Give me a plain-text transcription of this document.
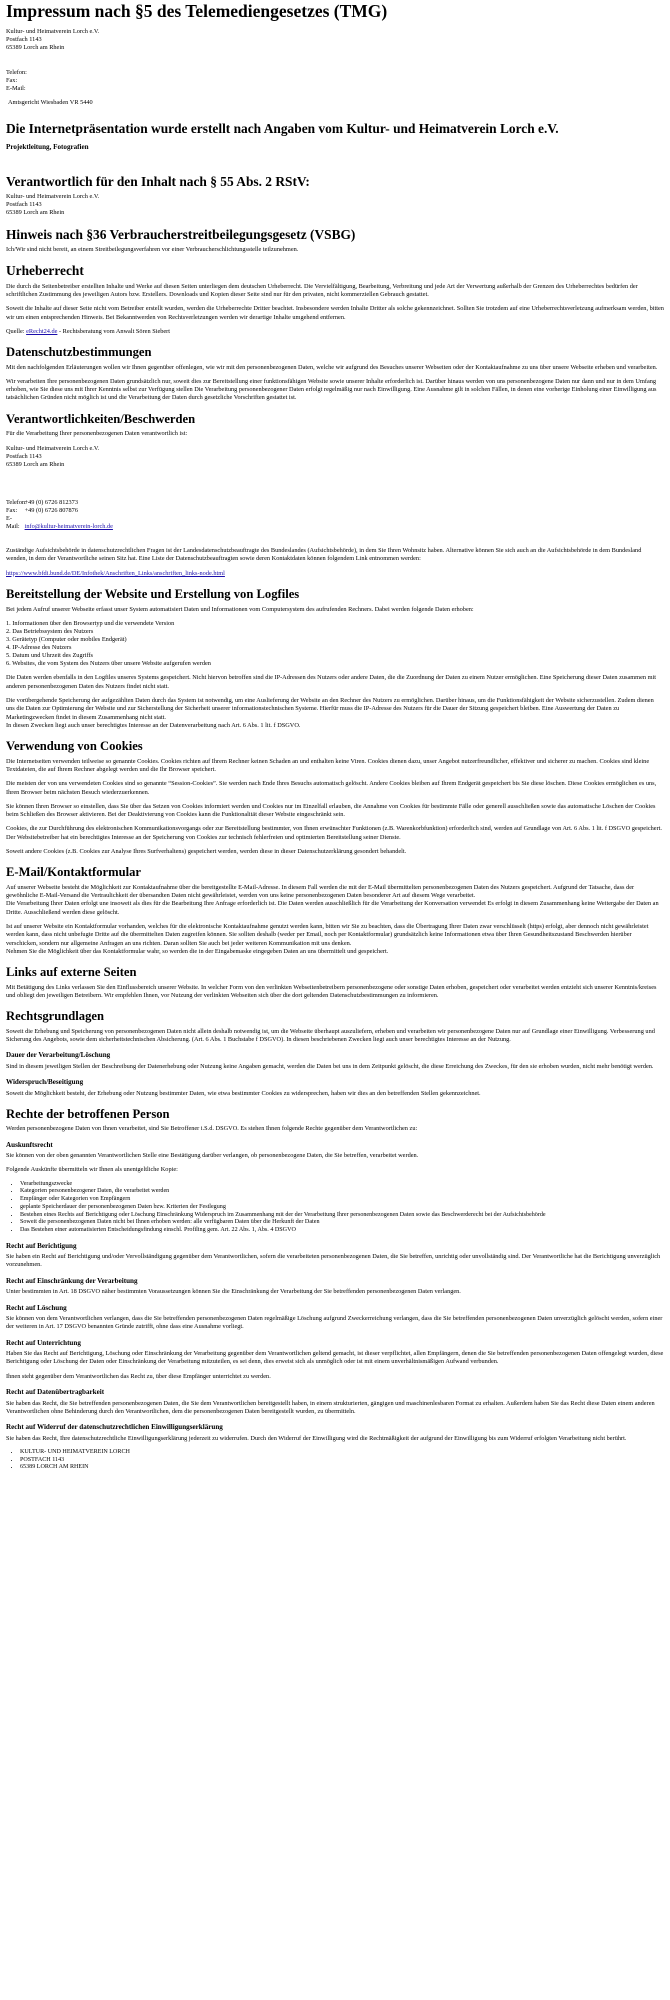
Impressum nach §5 des Telemediengesetzes (TMG)
Kultur- und Heimatverein Lorch e.V.
Postfach 1143
65389 Lorch am Rhein
Telefon:
Fax:
E-Mail:
Amtsgericht Wiesbaden VR 5440
Die Internetpräsentation wurde erstellt nach Angaben vom Kultur- und Heimatverein Lorch e.V.
Projektleitung, Fotografien
Verantwortlich für den Inhalt nach § 55 Abs. 2 RStV:
Kultur- und Heimatverein Lorch e.V.
Postfach 1143
65389 Lorch am Rhein
Hinweis nach §36 Verbraucherstreitbeilegungsgesetz (VSBG)

Ich/Wir sind nicht bereit, an einem Streitbeilegungsverfahren vor einer Verbraucherschlichtungsstelle teilzunehmen.

Urheberrecht

Die durch die Seitenbetreiber erstellten Inhalte und Werke auf diesen Seiten unterliegen dem deutschen Urheberrecht. Die Vervielfältigung, Bearbeitung, Verbreitung und jede Art der Verwertung außerhalb der Grenzen des Urheberrechtes bedürfen der schriftlichen Zustimmung des jeweiligen Autors bzw. Erstellers. Downloads und Kopien dieser Seite sind nur für den privaten, nicht kommerziellen Gebrauch gestattet.

Soweit die Inhalte auf dieser Seite nicht vom Betreiber erstellt wurden, werden die Urheberrechte Dritter beachtet. Insbesondere werden Inhalte Dritter als solche gekennzeichnet. Sollten Sie trotzdem auf eine Urheberrechtsverletzung aufmerksam werden, bitten wir um einen entsprechenden Hinweis. Bei Bekanntwerden von Rechtsverletzungen werden wir derartige Inhalte umgehend entfernen.

Quelle: eRecht24.de - Rechtsberatung vom Anwalt Sören Siebert

Datenschutzbestimmungen

Mit den nachfolgenden Erläuterungen wollen wir Ihnen gegenüber offenlegen, wie wir mit den personenbezogenen Daten, welche wir aufgrund des Besuches unserer Webseiten oder der Kontaktaufnahme zu uns über unsere Webseite erheben und verarbeiten.

Wir verarbeiten Ihre personenbezogenen Daten grundsätzlich nur, soweit dies zur Bereitstellung einer funktionsfähigen Website sowie unserer Inhalte erforderlich ist. Darüber hinaus werden von uns personenbezogene Daten nur dann und nur in dem Umfang erhoben, wie Sie diese uns mit Ihrer Kenntnis selbst zur Verfügung stellen Die Verarbeitung personenbezogener Daten erfolgt regelmäßig nur nach Einwilligung. Eine Ausnahme gilt in solchen Fällen, in denen eine vorherige Einholung einer Einwilligung aus tatsächlichen Gründen nicht möglich ist und die Verarbeitung der Daten durch gesetzliche Vorschriften gestattet ist.

Verantwortlichkeiten/Beschwerden

Für die Verarbeitung Ihrer personenbezogenen Daten verantwortlich ist:

Kultur- und Heimatverein Lorch e.V.
Postfach 1143
65389 Lorch am Rhein
Telefon: +49 (0) 6726 812373
Fax: +49 (0) 6726 807876
E-Mail: info@kultur-heimatverein-lorch.de

Zuständige Aufsichtsbehörde in datenschutzrechtlichen Fragen ist der Landesdatenschutzbeauftragte des Bundeslandes (Aufsichtsbehörde), in dem Sie Ihren Wohnsitz haben. Alternative können Sie sich auch an die Aufsichtsbehörde in dem Bundesland wenden, in dem der Verantwortliche seinen Sitz hat. Eine Liste der Datenschutzbeauftragten sowie deren Kontaktdaten können folgendem Link entnommen werden:

https://www.bfdi.bund.de/DE/Infothek/Anschriften_Links/anschriften_links-node.html

Bereitstellung der Website und Erstellung von Logfiles

Bei jedem Aufruf unserer Webseite erfasst unser System automatisiert Daten und Informationen vom Computersystem des aufrufenden Rechners. Dabei werden folgende Daten erhoben:

1. Informationen über den Browsertyp und die verwendete Version
2. Das Betriebssystem des Nutzers
3. Gerätetyp (Computer oder mobiles Endgerät)
4. IP-Adresse des Nutzers
5. Datum und Uhrzeit des Zugriffs
6. Websites, die vom System des Nutzers über unsere Website aufgerufen werden

Die Daten werden ebenfalls in den Logfiles unseres Systems gespeichert. Nicht hiervon betroffen sind die IP-Adressen des Nutzers oder andere Daten, die die Zuordnung der Daten zu einem Nutzer ermöglichen. Eine Speicherung dieser Daten zusammen mit anderen personenbezogenen Daten des Nutzers findet nicht statt.

Die vorübergehende Speicherung der aufgezählten Daten durch das System ist notwendig, um eine Auslieferung der Website an den Rechner des Nutzers zu ermöglichen. Darüber hinaus, um die Funktionsfähigkeit der Website sicherzustellen. Zudem dienen uns die Daten zur Optimierung der Website und zur Sicherstellung der Sicherheit unserer informationstechnischen Systeme. Hierfür muss die IP-Adresse des Nutzers für die Dauer der Sitzung gespeichert bleiben. Eine Auswertung der Daten zu Marketingzwecken findet in diesem Zusammenhang nicht statt.

In diesen Zwecken liegt auch unser berechtigtes Interesse an der Datenverarbeitung nach Art. 6 Abs. 1 lit. f DSGVO.

Verwendung von Cookies

Die Internetseiten verwenden teilweise so genannte Cookies. Cookies richten auf Ihrem Rechner keinen Schaden an und enthalten keine Viren. Cookies dienen dazu, unser Angebot nutzerfreundlicher, effektiver und sicherer zu machen. Cookies sind kleine Textdateien, die auf Ihrem Rechner abgelegt werden und die Ihr Browser speichert.

Die meisten der von uns verwendeten Cookies sind so genannte “Session-Cookies”. Sie werden nach Ende Ihres Besuchs automatisch gelöscht. Andere Cookies bleiben auf Ihrem Endgerät gespeichert bis Sie diese löschen. Diese Cookies ermöglichen es uns, Ihren Browser beim nächsten Besuch wiederzuerkennen.

Sie können Ihren Browser so einstellen, dass Sie über das Setzen von Cookies informiert werden und Cookies nur im Einzelfall erlauben, die Annahme von Cookies für bestimmte Fälle oder generell ausschließen sowie das automatische Löschen der Cookies beim Schließen des Browser aktivieren. Bei der Deaktivierung von Cookies kann die Funktionalität dieser Website eingeschränkt sein.

Cookies, die zur Durchführung des elektronischen Kommunikationsvorgangs oder zur Bereitstellung bestimmter, von Ihnen erwünschter Funktionen (z.B. Warenkorbfunktion) erforderlich sind, werden auf Grundlage von Art. 6 Abs. 1 lit. f DSGVO gespeichert. Der Websitebetreiber hat ein berechtigtes Interesse an der Speicherung von Cookies zur technisch fehlerfreien und optimierten Bereitstellung seiner Dienste.

Soweit andere Cookies (z.B. Cookies zur Analyse Ihres Surfverhaltens) gespeichert werden, werden diese in dieser Datenschutzerklärung gesondert behandelt.

E-Mail/Kontaktformular

Auf unserer Webseite besteht die Möglichkeit zur Kontaktaufnahme über die bereitgestellte E-Mail-Adresse. In diesem Fall werden die mit der E-Mail übermittelten personenbezogenen Daten des Nutzers gespeichert. Aufgrund der Tatsache, dass der gewöhnliche E-Mail-Versand die Vertraulichkeit der übersandten Daten nicht gewährleistet, werden von uns keine personenbezogenen Daten besonderer Art auf diesem Wege verarbeitet.

Die Verarbeitung Ihrer Daten erfolgt une insoweit als dies für die Bearbeitung Ihre Anfrage erforderlich ist. Die Daten werden ausschließlich für die Verarbeitung der Konversation verwendet Es erfolgt in diesem Zusammenhang keine Weitergabe der Daten an Dritte. Ausschließend werden diese gelöscht.

Ist auf unserer Website ein Kontaktformular vorhanden, welches für die elektronische Kontaktaufnahme genutzt werden kann, bitten wir Sie zu beachten, dass die Übertragung Ihrer Daten zwar verschlüsselt (https) erfolgt, aber dennoch nicht gewährleistet werden kann, dass nicht unbefugte Dritte auf die übermittelten Daten zugreifen können. Sie sollten deshalb (weder per Email, noch per Kontaktformular) grundsätzlich keine Informationen etwa über Ihren Gesundheitszustand Beschwerden hierüber verschicken, sondern nur allgemeine Anfragen an uns richten. Daran sollten Sie auch bei jeder weiteren Kommunikation mit uns denken.

Nehmen Sie die Möglichkeit über das Kontaktformular wahr, so werden die in der Eingabemaske eingegeben Daten an uns übermittelt und gespeichert.

Links auf externe Seiten

Mit Betätigung des Links verlassen Sie den Einflussbereich unserer Website. In welcher Form von den verlinkten Webseitenbetreibern personenbezogene oder sonstige Daten erhoben, gespeichert oder verarbeitet werden entzieht sich unserer Kenntnis/kreises und obliegt den jeweiligen Betreibern. Wir empfehlen Ihnen, vor Nutzung der verlinkten Webseiten sich über die dort geltenden Datenschutzbestimmungen zu informieren.

Rechtsgrundlagen

Soweit die Erhebung und Speicherung von personenbezogenen Daten nicht allein deshalb notwendig ist, um die Webseite überhaupt auszuliefern, erheben und verarbeiten wir personenbezogene Daten nur auf Grundlage einer Einwilligung. Verbesserung und Sicherung des Angebots, sowie dem sicherheitstechnischen Absicherung. (Art. 6 Abs. 1 Buchstabe f DSGVO). In diesen beschriebenen Zwecken liegt auch unser berechtigtes Interesse an der Nutzung.

Dauer der Verarbeitung/Löschung

Sind in diesem jeweiligen Stellen der Beschreibung der Datenerhebung oder Nutzung keine Angaben gemacht, werden die Daten bei uns in dem Zeitpunkt gelöscht, die diese Erreichung des Zweckes, für den sie erhoben wurden, nicht mehr benötigt werden.

Widerspruch/Beseitigung

Soweit die Möglichkeit besteht, der Erhebung oder Nutzung bestimmter Daten, wie etwa bestimmter Cookies zu widersprechen, haben wir dies an den betreffenden Stellen gekennzeichnet.

Rechte der betroffenen Person

Werden personenbezogene Daten von Ihnen verarbeitet, sind Sie Betroffener i.S.d. DSGVO. Es stehen Ihnen folgende Rechte gegenüber dem Verantwortlichen zu:

Auskunftsrecht

Sie können von der oben genannten Verantwortlichen Stelle eine Bestätigung darüber verlangen, ob personenbezogene Daten, die Sie betreffen, verarbeitet werden.

Folgende Auskünfte übermitteln wir Ihnen als unentgeltliche Kopie:

• Verarbeitungszwecke
• Kategorien personenbezogener Daten, die verarbeitet werden
• Empfänger oder Kategorien von Empfängern
• geplante Speicherdauer der personenbezogenen Daten bzw. Kriterien der Festlegung
• Bestehen eines Rechts auf Berichtigung oder Löschung Einschränkung Widerspruch im Zusammenhang mit der der Verarbeitung Ihrer personenbezogenen Daten sowie das Beschwerderecht bei der Aufsichtsbehörde
• Soweit die personenbezogenen Daten nicht bei Ihnen erhoben werden: alle verfügbaren Daten über die Herkunft der Daten
• Das Bestehen einer automatisierten Entscheidungsfindung einschl. Profiling gem. Art. 22 Abs. 1, Abs. 4 DSGVO
Recht auf Berichtigung

Sie haben ein Recht auf Berichtigung und/oder Vervollständigung gegenüber dem Verantwortlichen, sofern die verarbeiteten personenbezogenen Daten, die Sie betreffen, unrichtig oder unvollständig sind. Der Verantwortliche hat die Berichtigung unverzüglich vorzunehmen.

Recht auf Einschränkung der Verarbeitung

Unter bestimmten in Art. 18 DSGVO näher bestimmten Voraussetzungen können Sie die Einschränkung der Verarbeitung der Sie betreffenden personenbezogenen Daten verlangen.

Recht auf Löschung

Sie können von dem Verantwortlichen verlangen, dass die Sie betreffenden personenbezogenen Daten regelmäßige Löschung aufgrund Zweckerreichung verlangen, dass die Sie betreffenden personenbezogenen Daten unverzüglich gelöscht werden, sofern einer der weiteren in Art. 17 DSGVO benannten Gründe zutrifft, ohne dass eine Ausnahme vorliegt.

Recht auf Unterrichtung

Haben Sie das Recht auf Berichtigung, Löschung oder Einschränkung der Verarbeitung gegenüber dem Verantwortlichen geltend gemacht, ist dieser verpflichtet, allen Empfängern, denen die Sie betreffenden personenbezogenen Daten offengelegt wurden, diese Berichtigung oder Löschung der Daten oder Einschränkung der Verarbeitung mitzuteilen, es sei denn, dies erweist sich als unmöglich oder ist mit einem unverhältnismäßigen Aufwand verbunden.

Ihnen steht gegenüber dem Verantwortlichen das Recht zu, über diese Empfänger unterrichtet zu werden.

Recht auf Datenübertragbarkeit

Sie haben das Recht, die Sie betreffenden personenbezogenen Daten, die Sie dem Verantwortlichen bereitgestellt haben, in einem strukturierten, gängigen und maschinenlesbaren Format zu erhalten. Außerdem haben Sie das Recht diese Daten einem anderen Verantwortlichen ohne Behinderung durch den Verantwortlichen, dem die personenbezogenen Daten bereitgestellt wurden, zu übermitteln.

Recht auf Widerruf der datenschutzrechtlichen Einwilligungserklärung

Sie haben das Recht, Ihre datenschutzrechtliche Einwilligungserklärung jederzeit zu widerrufen. Durch den Widerruf der Einwilligung wird die Rechtmäßigkeit der aufgrund der Einwilligung bis zum Widerruf erfolgten Verarbeitung nicht berührt.

• KULTUR- UND HEIMATVEREIN LORCH
• POSTFACH 1143
• 65389 LORCH AM RHEIN
